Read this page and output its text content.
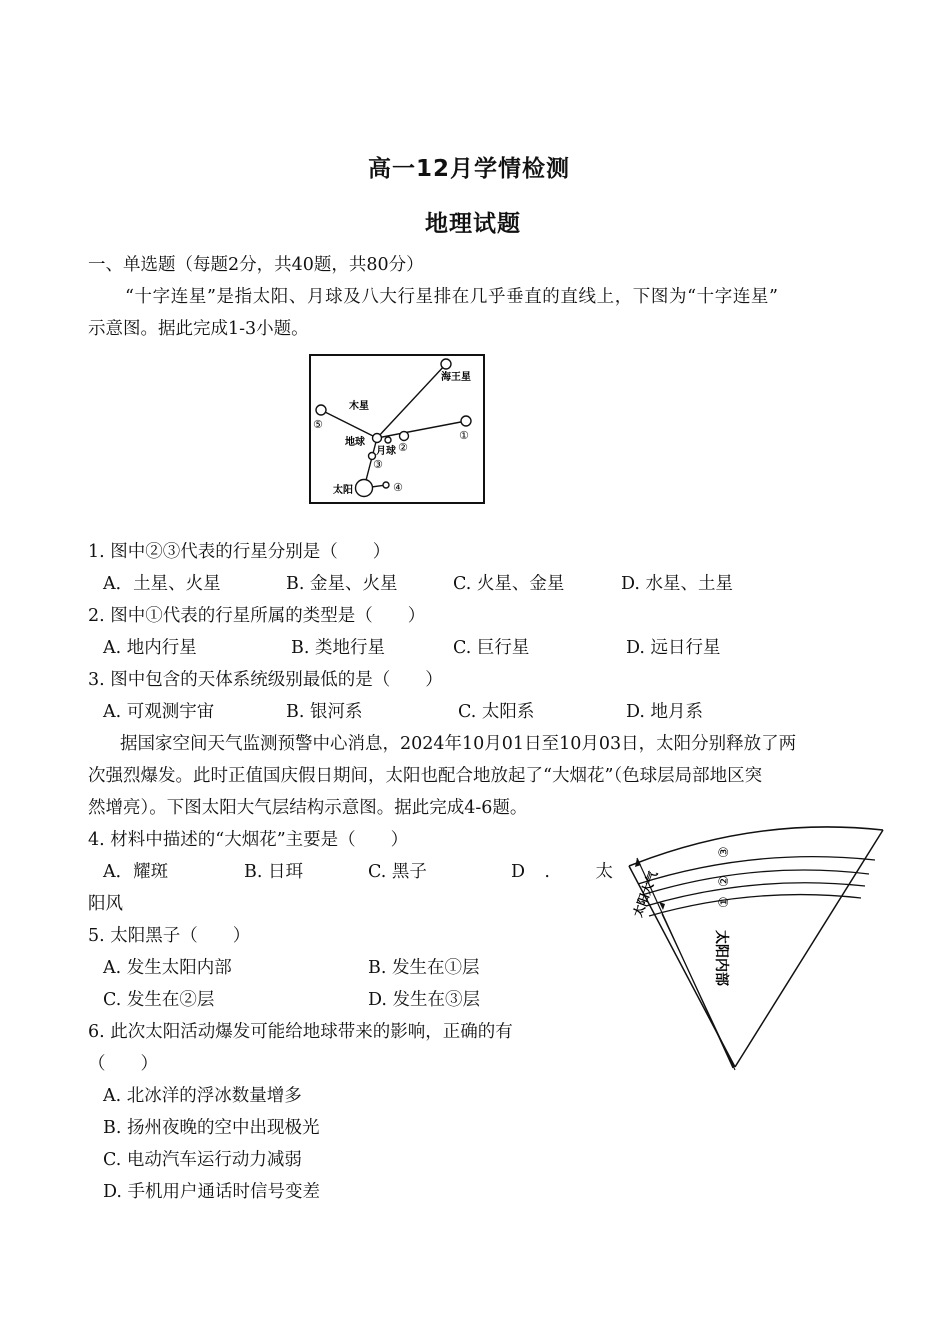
高一12月学情检测
地理试题
一、单选题（每题2分，共40题，共80分）
“十字连星”是指太阳、月球及八大行星排在几乎垂直的直线上，下图为“十字连星”
示意图。据此完成1-3小题。
海王星
木星
地球
月球
太阳
①
②
③
④
⑤
1. 图中②③代表的行星分别是（　　）
A．土星、火星	B. 金星、火星	C. 火星、金星	D. 水星、土星
2. 图中①代表的行星所属的类型是（　　）
A. 地内行星	B. 类地行星	C. 巨行星	D. 远日行星
3. 图中包含的天体系统级别最低的是（　　）
A. 可观测宇宙	B. 银河系	C. 太阳系	D. 地月系
据国家空间天气监测预警中心消息，2024年10月01日至10月03日，太阳分别释放了两
次强烈爆发。此时正值国庆假日期间，太阳也配合地放起了“大烟花”（色球层局部地区突
然增亮）。下图太阳大气层结构示意图。据此完成4-6题。
4. 材料中描述的“大烟花”主要是（　　）
A．耀斑	B. 日珥	C. 黑子	D. 太
阳风
5. 太阳黑子（　　）
A. 发生太阳内部	B. 发生在①层
C. 发生在②层	D. 发生在③层
6. 此次太阳活动爆发可能给地球带来的影响，正确的有
（　　）
A. 北冰洋的浮冰数量增多
B. 扬州夜晚的空中出现极光
C. 电动汽车运行动力减弱
D. 手机用户通话时信号变差
太阳大气
太阳内部
①
②
③
